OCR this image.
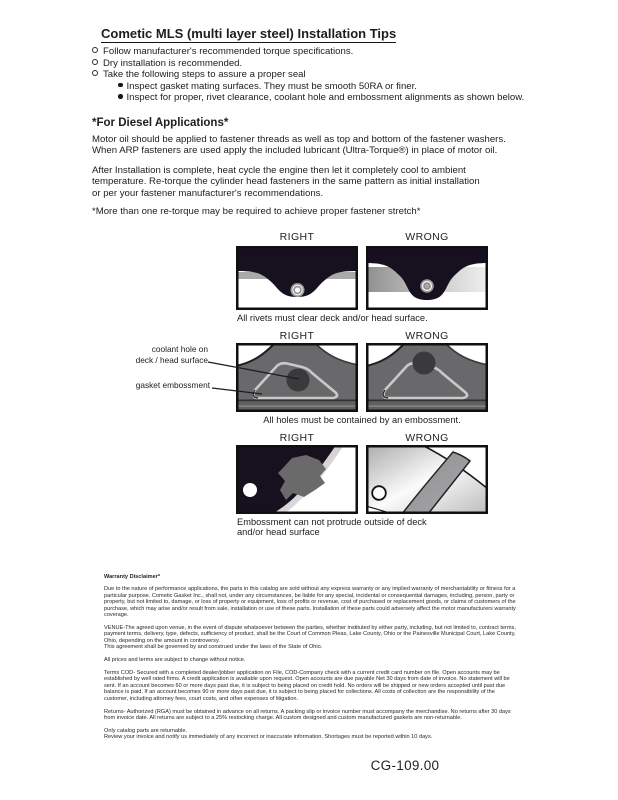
Cometic MLS (multi layer steel) Installation Tips
Follow manufacturer's recommended torque specifications.
Dry installation is recommended.
Take the following steps to assure a proper seal
Inspect gasket mating surfaces. They must be smooth 50RA or finer.
Inspect for proper, rivet clearance, coolant hole and embossment alignments as shown below.
*For Diesel Applications*
Motor oil should be applied to fastener threads as well as top and bottom of the fastener washers.
When ARP fasteners are used apply the included lubricant (Ultra-Torque®) in place of motor oil.
After Installation is complete, heat cycle the engine then let it completely cool to ambient
temperature. Re-torque the cylinder head fasteners in the same pattern as initial installation
or per your fastener manufacturer's recommendations.
*More than one re-torque may be required to achieve proper fastener stretch*
RIGHT	WRONG
All rivets must clear deck and/or head surface.
RIGHT	WRONG
coolant hole on
deck / head surface
gasket embossment
All holes must be contained by an embossment.
RIGHT	WRONG
Embossment can not protrude outside of deck
and/or head surface
Warranty Disclaimer*

Due to the nature of performance applications, the parts in this catalog are sold without any express warranty or any implied warranty of merchantability or fitness for a particular purpose. Cometic Gasket Inc., shall not, under any circumstances, be liable for any special, incidental or consequential damages, including, person, party or property, but not limited to, damage, or loss of property or equipment, loss of profits or revenue, cost of purchased or replacement goods, or claims of customers of the purchase, which may arise and/or result from sale, installation or use of these parts. Installation of these parts could adversely affect the motor manufacturers warranty coverage.

VENUE-The agreed upon venue, in the event of dispute whatsoever between the parties, whether instituted by either party, including, but not limited to, contract terms, payment terms, delivery, type, defects, sufficiency of product, shall be the Court of Common Pleas, Lake County, Ohio or the Painesville Municipal Court, Lake County, Ohio, depending on the amount in controversy.
This agreement shall be governed by and construed under the laws of the State of Ohio.

All prices and terms are subject to change without notice.

Terms COD- Secured with a completed dealer/jobber application on File, COD-Company check with a current credit card number on file. Open accounts may be established by well rated firms. A credit application is available upon request. Open accounts are due payable Net 30 days from date of invoice. No statement will be sent. If an account becomes 60 or more days past due, it is subject to being placed on credit hold. No orders will be shipped or new orders accepted until past due balance is paid. If an account becomes 90 or more days past due, it is subject to being placed for collections. All costs of collection are the responsibility of the customer, including attorney fees, court costs, and other expenses of litigation.

Returns- Authorized (RGA) must be obtained in advance on all returns. A packing slip or invoice number must accompany the merchandise. No returns after 30 days from invoice date. All returns are subject to a 25% restocking charge. All custom designed and custom manufactured gaskets are non-returnable.

Only catalog parts are returnable.
Review your invoice and notify us immediately of any incorrect or inaccurate information. Shortages must be reported within 10 days.

CG-109.00
